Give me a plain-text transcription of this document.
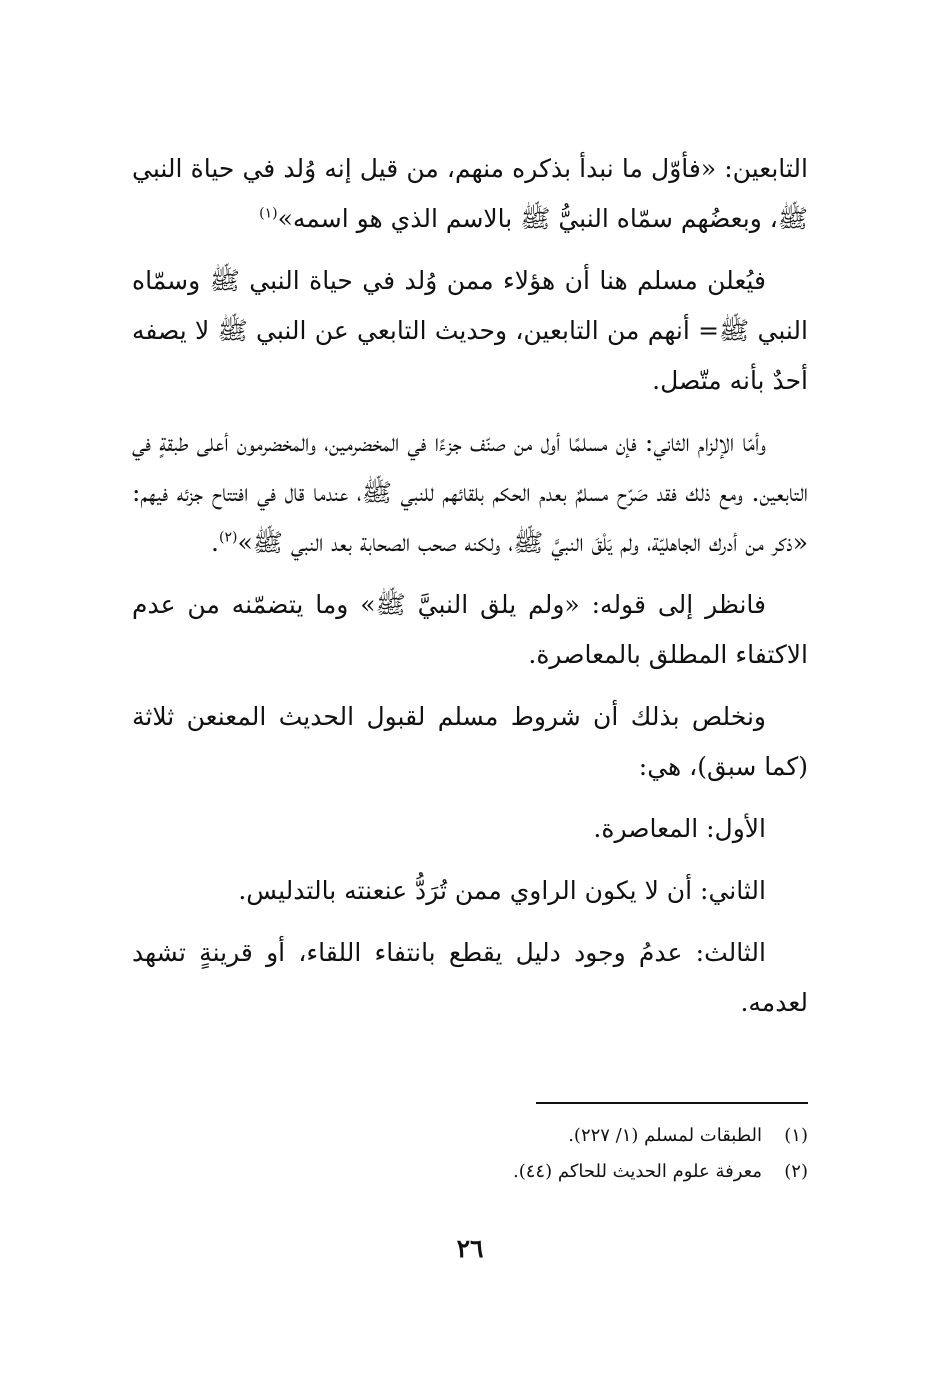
التابعين: «فأوّل ما نبدأ بذكره منهم، من قيل إنه وُلد في حياة النبي ﷺ، وبعضُهم سمّاه النبيُّ ﷺ بالاسم الذي هو اسمه»$^{(١)}$

فيُعلن مسلم هنا أن هؤلاء ممن وُلد في حياة النبي ﷺ وسمّاه النبي ﷺ= أنهم من التابعين، وحديث التابعي عن النبي ﷺ لا يصفه أحدٌ بأنه متّصل.

وأمّا الإلزام الثاني: فإن مسلمًا أول من صنّف جزءًا في المخضرمين، والمخضرمون أعلى طبقةٍ في التابعين. ومع ذلك فقد صَرّح مسلمٌ بعدم الحكم بلقائهم للنبي ﷺ، عندما قال في افتتاح جزئه فيهم: «ذكر من أدرك الجاهليّة، ولم يَلْقَ النبيَّ ﷺ، ولكنه صحب الصحابة بعد النبي ﷺ»$^{(٢)}$.

فانظر إلى قوله: «ولم يلق النبيَّ ﷺ» وما يتضمّنه من عدم الاكتفاء المطلق بالمعاصرة.

ونخلص بذلك أن شروط مسلم لقبول الحديث المعنعن ثلاثة (كما سبق)، هي:

الأول: المعاصرة.

الثاني: أن لا يكون الراوي ممن تُرَدُّ عنعنته بالتدليس.

الثالث: عدمُ وجود دليل يقطع بانتفاء اللقاء، أو قرينةٍ تشهد لعدمه.

(١)الطبقات لمسلم (١/ ٢٢٧).

(٢)معرفة علوم الحديث للحاكم (٤٤).

٢٦
